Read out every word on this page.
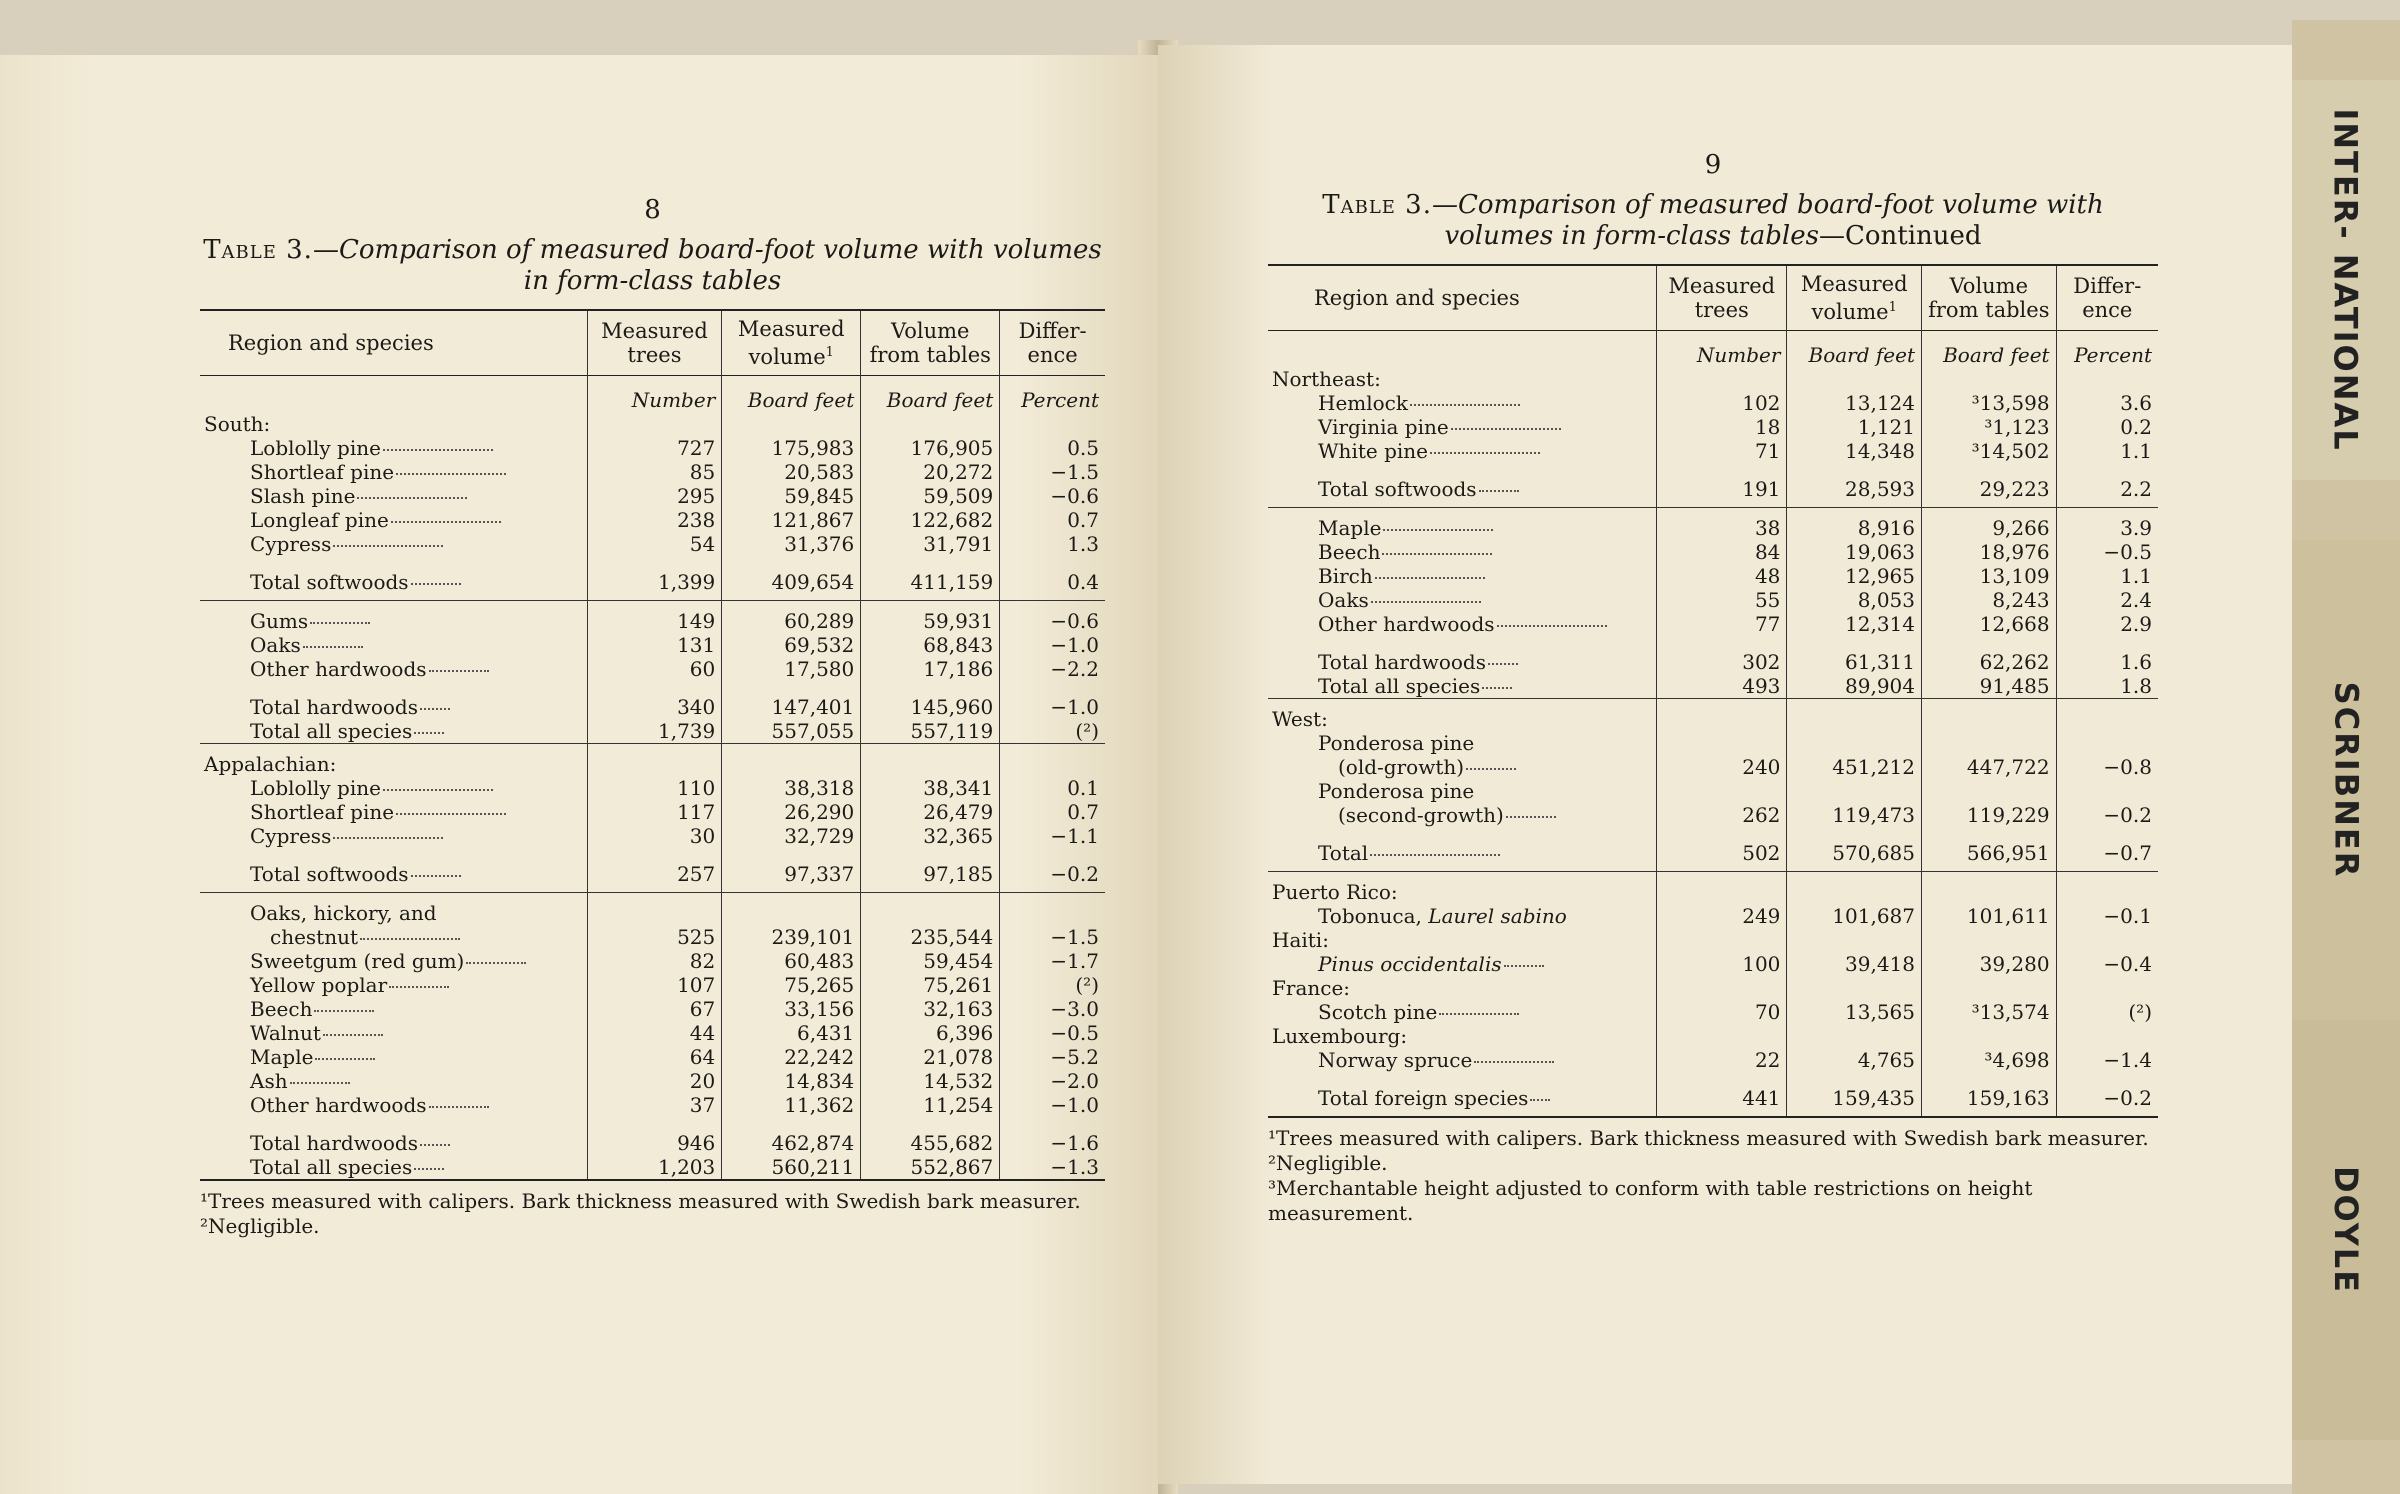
8
Table 3.—Comparison of measured board-foot volume with volumes in form-class tables
Region and species	Measured trees	Measured volume$^1$	Volume from tables	Differ- ence
	Number	Board feet	Board feet	Percent
South:				
Loblolly pine	727	175,983	176,905	0.5
Shortleaf pine	85	20,583	20,272	−1.5
Slash pine	295	59,845	59,509	−0.6
Longleaf pine	238	121,867	122,682	0.7
Cypress	54	31,376	31,791	1.3
Total softwoods	1,399	409,654	411,159	0.4

Gums	149	60,289	59,931	−0.6
Oaks	131	69,532	68,843	−1.0
Other hardwoods	60	17,580	17,186	−2.2

Total hardwoods	340	147,401	145,960	−1.0
Total all species	1,739	557,055	557,119	(²)

Appalachian:				
Loblolly pine	110	38,318	38,341	0.1
Shortleaf pine	117	26,290	26,479	0.7
Cypress	30	32,729	32,365	−1.1
Total softwoods	257	97,337	97,185	−0.2

Oaks, hickory, and				
chestnut	525	239,101	235,544	−1.5
Sweetgum (red gum)	82	60,483	59,454	−1.7
Yellow poplar	107	75,265	75,261	(²)
Beech	67	33,156	32,163	−3.0
Walnut	44	6,431	6,396	−0.5
Maple	64	22,242	21,078	−5.2
Ash	20	14,834	14,532	−2.0
Other hardwoods	37	11,362	11,254	−1.0

Total hardwoods	946	462,874	455,682	−1.6
Total all species	1,203	560,211	552,867	−1.3

¹Trees measured with calipers. Bark thickness measured with Swedish bark measurer.

²Negligible.

9
Table 3.—Comparison of measured board-foot volume with volumes in form-class tables—Continued
Region and species	Measured trees	Measured volume$^1$	Volume from tables	Differ- ence
	Number	Board feet	Board feet	Percent
Northeast:				
Hemlock	102	13,124	³13,598	3.6
Virginia pine	18	1,121	³1,123	0.2
White pine	71	14,348	³14,502	1.1
Total softwoods	191	28,593	29,223	2.2

Maple	38	8,916	9,266	3.9
Beech	84	19,063	18,976	−0.5
Birch	48	12,965	13,109	1.1
Oaks	55	8,053	8,243	2.4
Other hardwoods	77	12,314	12,668	2.9

Total hardwoods	302	61,311	62,262	1.6
Total all species	493	89,904	91,485	1.8

West:				
Ponderosa pine				
(old-growth)	240	451,212	447,722	−0.8
Ponderosa pine				
(second-growth)	262	119,473	119,229	−0.2
Total	502	570,685	566,951	−0.7

Puerto Rico:				
Tobonuca, Laurel sabino	249	101,687	101,611	−0.1
Haiti:				
Pinus occidentalis	100	39,418	39,280	−0.4
France:				
Scotch pine	70	13,565	³13,574	(²)
Luxembourg:				
Norway spruce	22	4,765	³4,698	−1.4
Total foreign species	441	159,435	159,163	−0.2

¹Trees measured with calipers. Bark thickness measured with Swedish bark measurer.

²Negligible.

³Merchantable height adjusted to conform with table restrictions on height measurement.

INTER- NATIONAL
SCRIBNER
DOYLE
